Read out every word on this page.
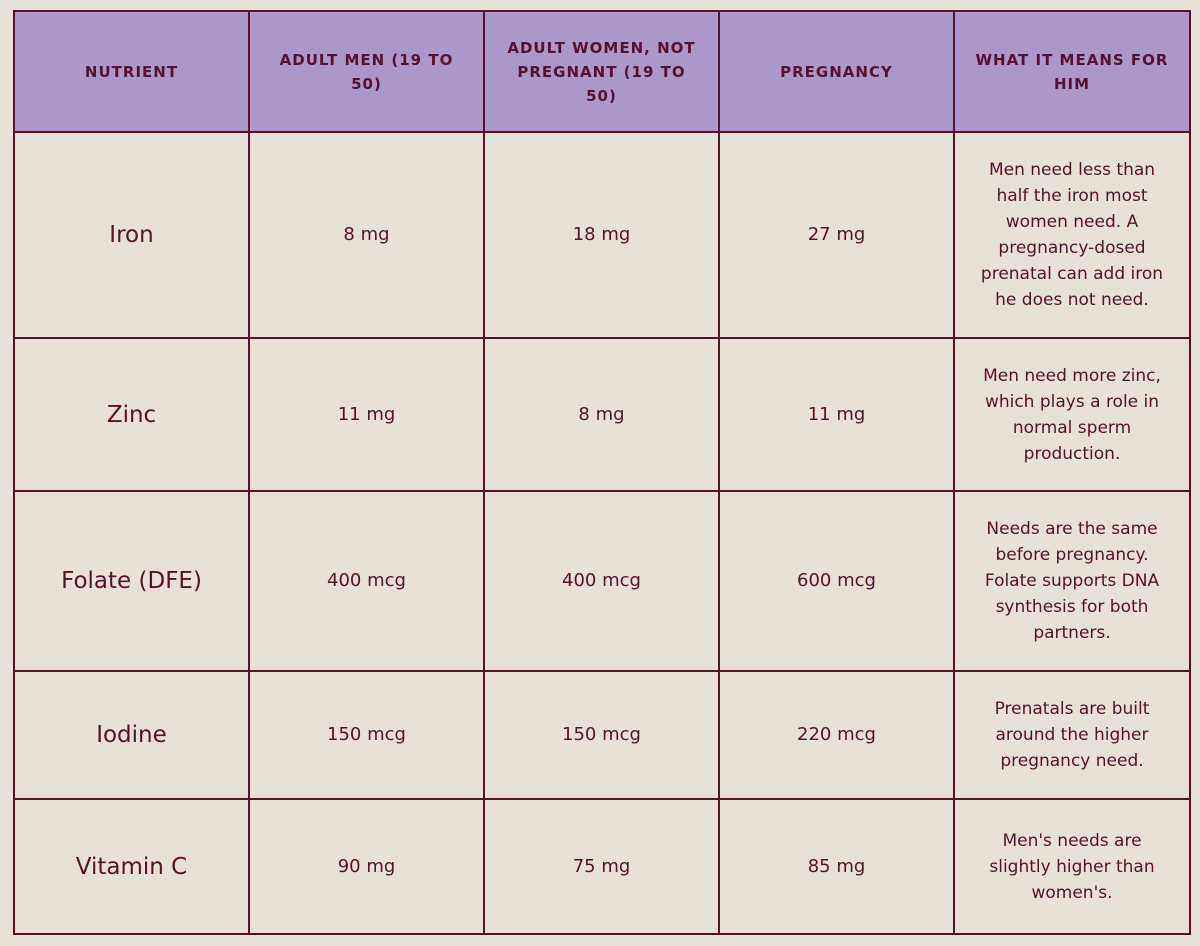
NUTRIENT	ADULT MEN (19 TO 50)	ADULT WOMEN, NOT PREGNANT (19 TO 50)	PREGNANCY	WHAT IT MEANS FOR HIM
Iron	8 mg	18 mg	27 mg	Men need less than half the iron most women need. A pregnancy-dosed prenatal can add iron he does not need.
Zinc	11 mg	8 mg	11 mg	Men need more zinc, which plays a role in normal sperm production.
Folate (DFE)	400 mcg	400 mcg	600 mcg	Needs are the same before pregnancy. Folate supports DNA synthesis for both partners.
Iodine	150 mcg	150 mcg	220 mcg	Prenatals are built around the higher pregnancy need.
Vitamin C	90 mg	75 mg	85 mg	Men's needs are slightly higher than women's.
